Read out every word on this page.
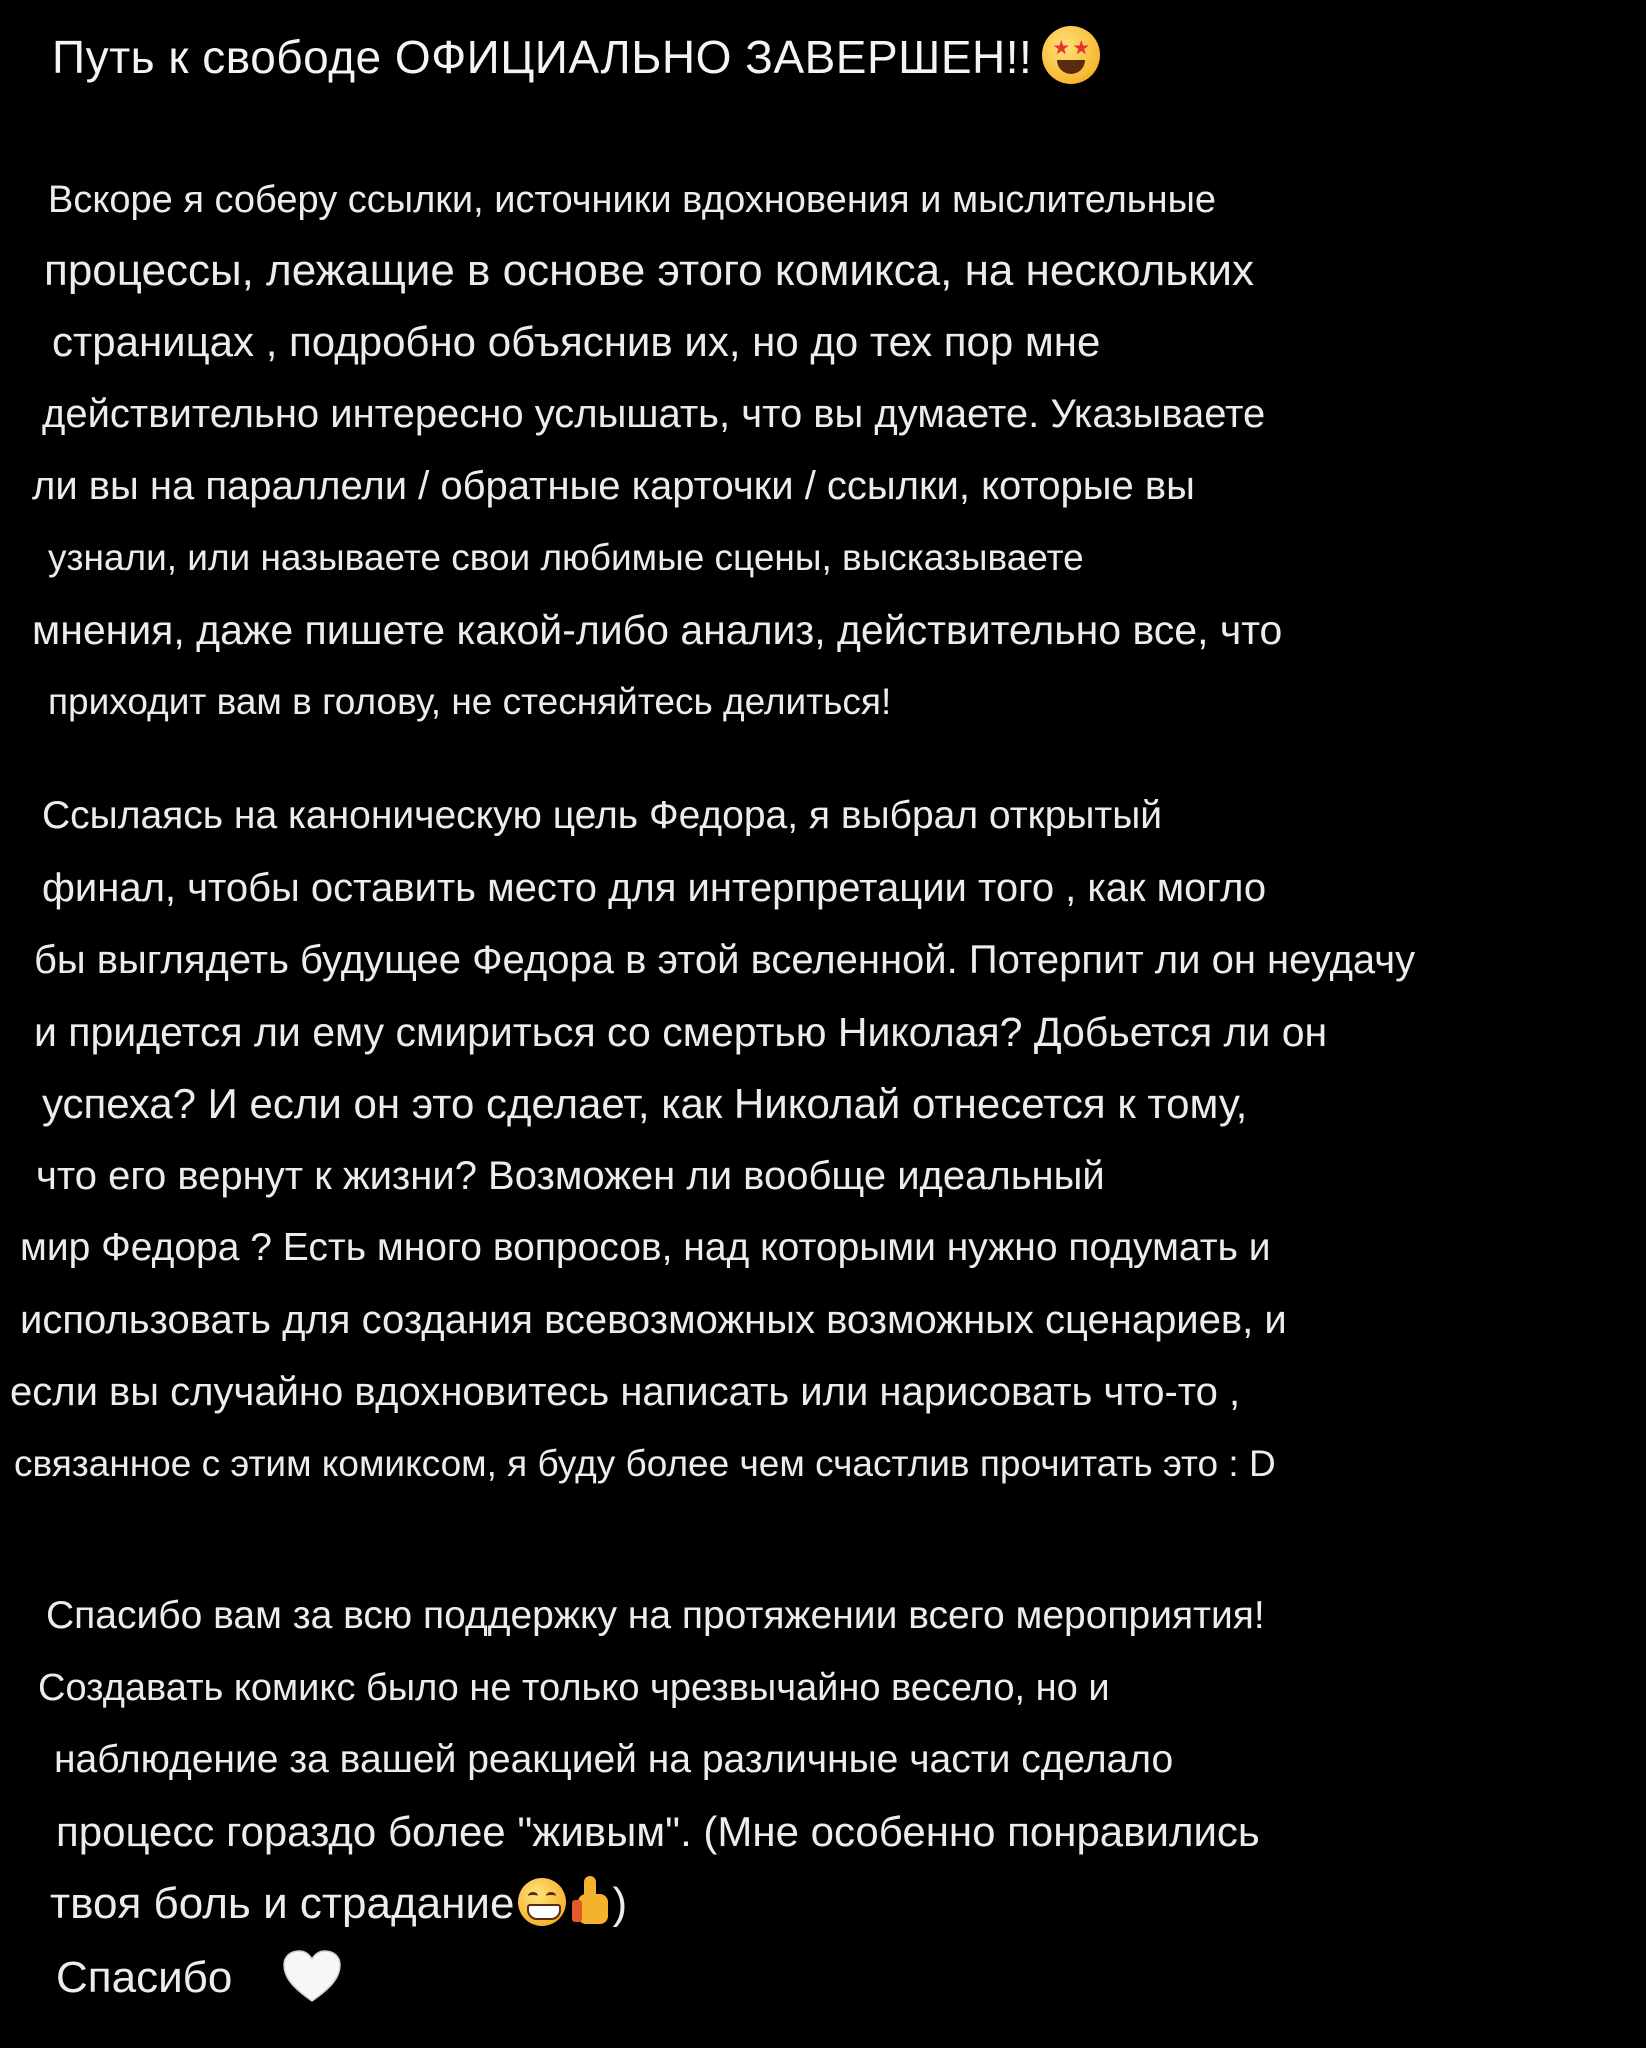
Путь к свободе ОФИЦИАЛЬНО ЗАВЕРШЕН!!
Вскоре я соберу ссылки, источники вдохновения и мыслительные
процессы, лежащие в основе этого комикса, на нескольких
страницах , подробно объяснив их, но до тех пор мне
действительно интересно услышать, что вы думаете. Указываете
ли вы на параллели / обратные карточки / ссылки, которые вы
узнали, или называете свои любимые сцены, высказываете
мнения, даже пишете какой-либо анализ, действительно все, что
приходит вам в голову, не стесняйтесь делиться!
Ссылаясь на каноническую цель Федора, я выбрал открытый
финал, чтобы оставить место для интерпретации того , как могло
бы выглядеть будущее Федора в этой вселенной. Потерпит ли он неудачу
и придется ли ему смириться со смертью Николая? Добьется ли он
успеха? И если он это сделает, как Николай отнесется к тому,
что его вернут к жизни? Возможен ли вообще идеальный
мир Федора ? Есть много вопросов, над которыми нужно подумать и
использовать для создания всевозможных возможных сценариев, и
если вы случайно вдохновитесь написать или нарисовать что-то ,
связанное с этим комиксом, я буду более чем счастлив прочитать это : D
Спасибо вам за всю поддержку на протяжении всего мероприятия!
Создавать комикс было не только чрезвычайно весело, но и
наблюдение за вашей реакцией на различные части сделало
процесс гораздо более "живым". (Мне особенно понравились
твоя боль и страдание )
Спасибо
